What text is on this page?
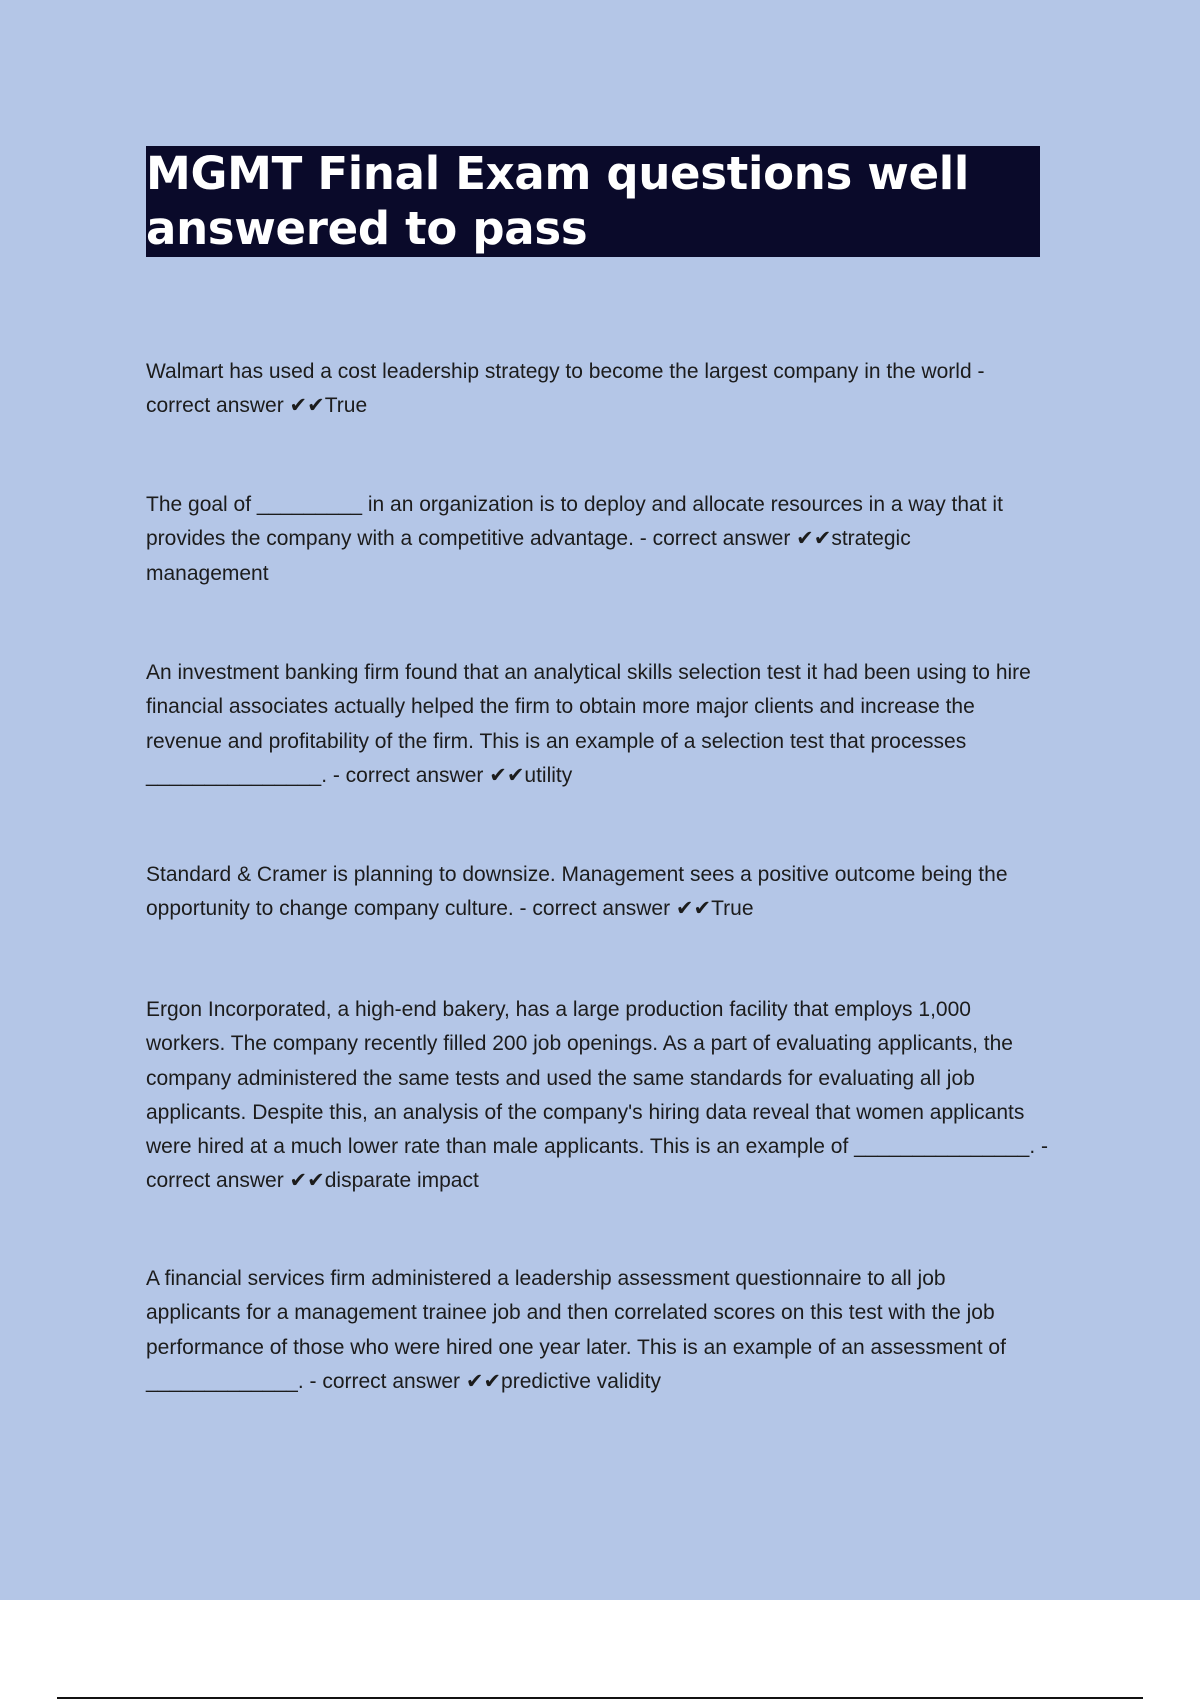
MGMT Final Exam questions well

answered to pass

Walmart has used a cost leadership strategy to become the largest company in the world -

correct answer ✔✔True

The goal of _________ in an organization is to deploy and allocate resources in a way that it

provides the company with a competitive advantage. - correct answer ✔✔strategic

management

An investment banking firm found that an analytical skills selection test it had been using to hire

financial associates actually helped the firm to obtain more major clients and increase the

revenue and profitability of the firm. This is an example of a selection test that processes

_______________. - correct answer ✔✔utility

Standard & Cramer is planning to downsize. Management sees a positive outcome being the

opportunity to change company culture. - correct answer ✔✔True

Ergon Incorporated, a high-end bakery, has a large production facility that employs 1,000

workers. The company recently filled 200 job openings. As a part of evaluating applicants, the

company administered the same tests and used the same standards for evaluating all job

applicants. Despite this, an analysis of the company's hiring data reveal that women applicants

were hired at a much lower rate than male applicants. This is an example of _______________. -

correct answer ✔✔disparate impact

A financial services firm administered a leadership assessment questionnaire to all job

applicants for a management trainee job and then correlated scores on this test with the job

performance of those who were hired one year later. This is an example of an assessment of

_____________. - correct answer ✔✔predictive validity
